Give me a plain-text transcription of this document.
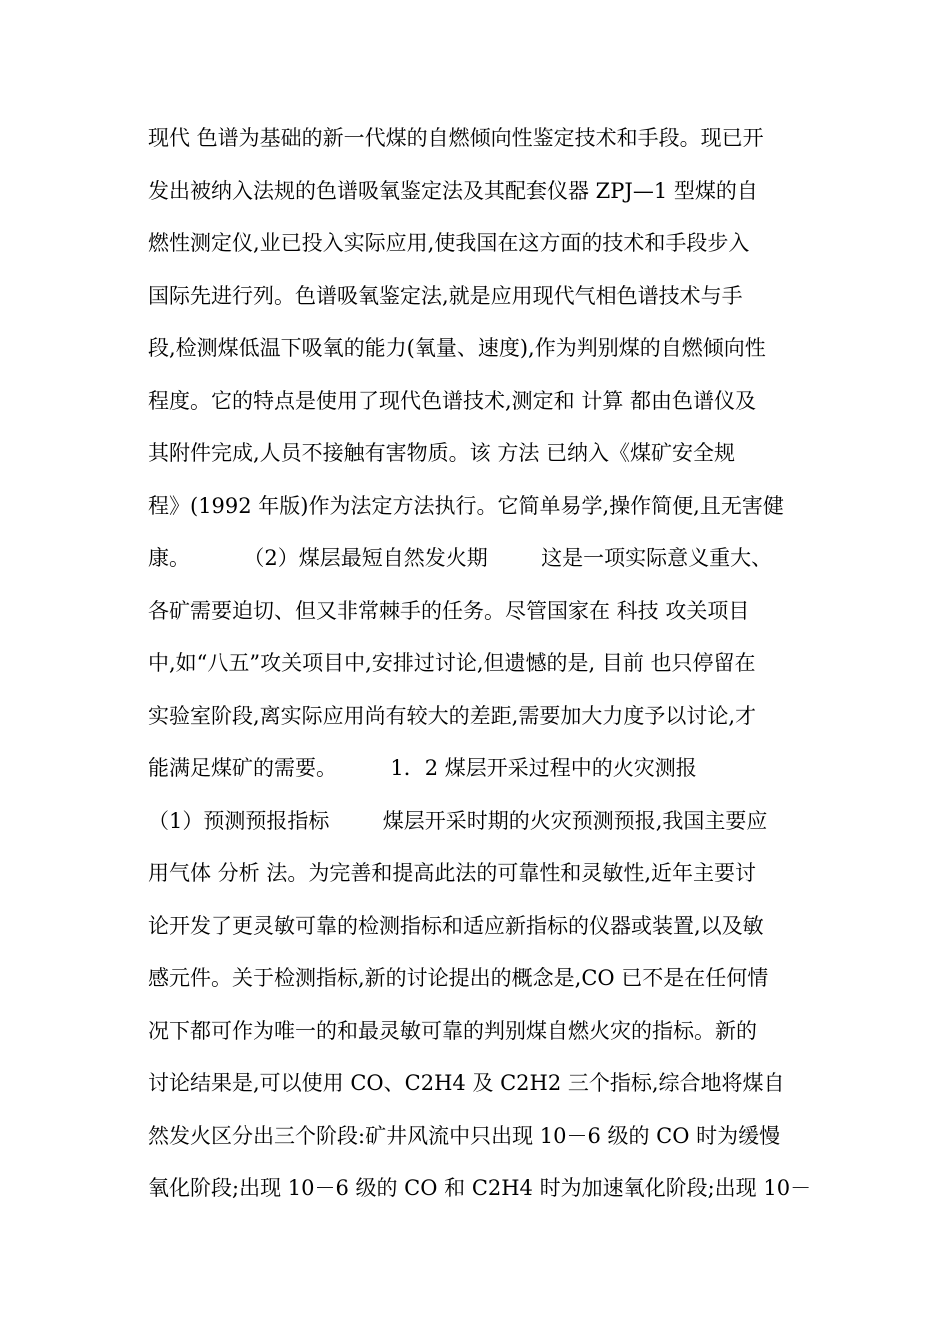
现代 色谱为基础的新一代煤的自燃倾向性鉴定技术和手段。现已开
发出被纳入法规的色谱吸氧鉴定法及其配套仪器 ZPJ—1 型煤的自
燃性测定仪,业已投入实际应用,使我国在这方面的技术和手段步入
国际先进行列。色谱吸氧鉴定法,就是应用现代气相色谱技术与手
段,检测煤低温下吸氧的能力(氧量、速度),作为判别煤的自燃倾向性
程度。它的特点是使用了现代色谱技术,测定和 计算 都由色谱仪及
其附件完成,人员不接触有害物质。该 方法 已纳入《煤矿安全规
程》(1992 年版)作为法定方法执行。它简单易学,操作简便,且无害健
康。        （2）煤层最短自然发火期        这是一项实际意义重大、
各矿需要迫切、但又非常棘手的任务。尽管国家在 科技 攻关项目
中,如“八五”攻关项目中,安排过讨论,但遗憾的是, 目前 也只停留在
实验室阶段,离实际应用尚有较大的差距,需要加大力度予以讨论,才
能满足煤矿的需要。        1．2 煤层开采过程中的火灾测报
（1）预测预报指标        煤层开采时期的火灾预测预报,我国主要应
用气体 分析 法。为完善和提高此法的可靠性和灵敏性,近年主要讨
论开发了更灵敏可靠的检测指标和适应新指标的仪器或装置,以及敏
感元件。关于检测指标,新的讨论提出的概念是,CO 已不是在任何情
况下都可作为唯一的和最灵敏可靠的判别煤自燃火灾的指标。新的
讨论结果是,可以使用 CO、C2H4 及 C2H2 三个指标,综合地将煤自
然发火区分出三个阶段:矿井风流中只出现 10－6 级的 CO 时为缓慢
氧化阶段;出现 10－6 级的 CO 和 C2H4 时为加速氧化阶段;出现 10－
